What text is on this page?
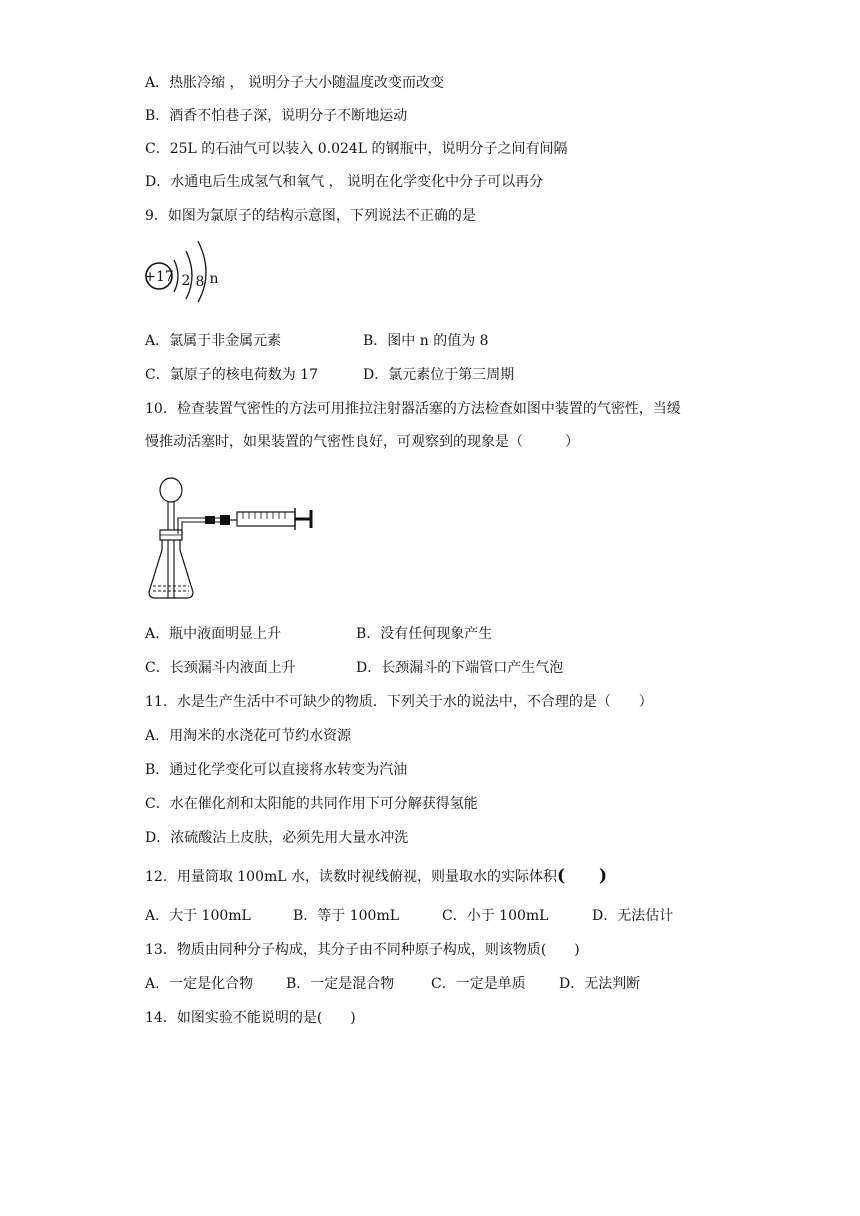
A．热胀冷缩 ， 说明分子大小随温度改变而改变
B．酒香不怕巷子深，说明分子不断地运动
C．25L 的石油气可以装入 0.024L 的钢瓶中，说明分子之间有间隔
D．水通电后生成氢气和氧气 ， 说明在化学变化中分子可以再分
9．如图为氯原子的结构示意图，下列说法不正确的是
+17 2 8 n
A．氯属于非金属元素	B．图中 n 的值为 8
C．氯原子的核电荷数为 17	D．氯元素位于第三周期
10．检查装置气密性的方法可用推拉注射器活塞的方法检查如图中装置的气密性，当缓
慢推动活塞时，如果装置的气密性良好，可观察到的现象是（　　　）
A．瓶中液面明显上升	B．没有任何现象产生
C．长颈漏斗内液面上升	D．长颈漏斗的下端管口产生气泡
11．水是生产生活中不可缺少的物质．下列关于水的说法中，不合理的是（　　）
A．用淘米的水浇花可节约水资源
B．通过化学变化可以直接将水转变为汽油
C．水在催化剂和太阳能的共同作用下可分解获得氢能
D．浓硫酸沾上皮肤，必须先用大量水冲洗
12．用量筒取 100mL 水，读数时视线俯视，则量取水的实际体积(　　)
A．大于 100mL	B．等于 100mL	C．小于 100mL	D．无法估计
13．物质由同种分子构成，其分子由不同种原子构成，则该物质(　　)
A．一定是化合物 B．一定是混合物	C．一定是单质 D．无法判断
14．如图实验不能说明的是(　　)
